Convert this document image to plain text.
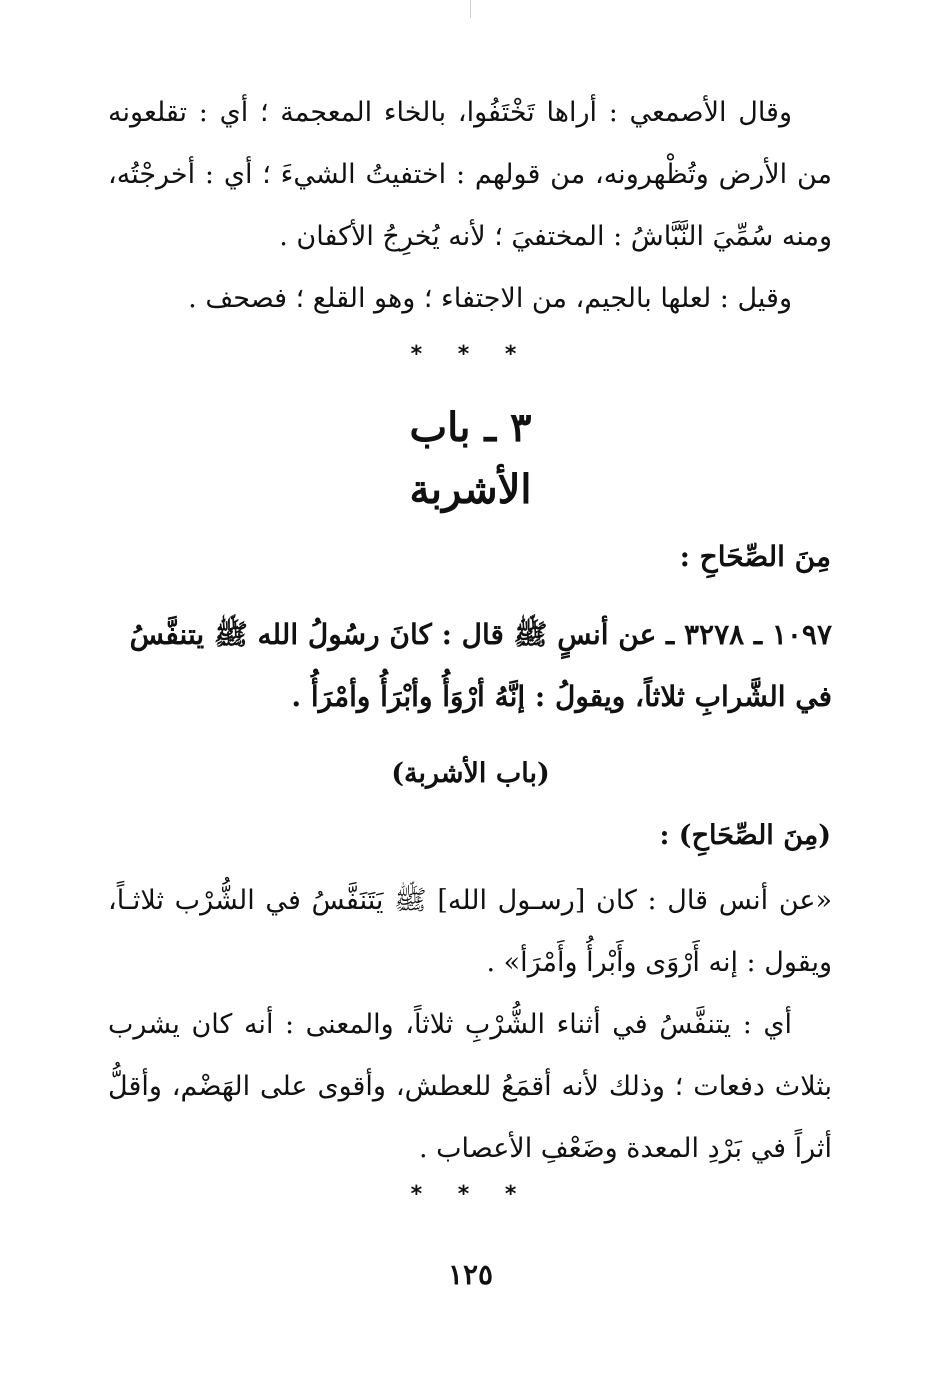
وقال الأصمعي : أراها تَخْتَفُوا، بالخاء المعجمة ؛ أي : تقلعونه من الأرض وتُظْهرونه، من قولهم : اختفيتُ الشيءَ ؛ أي : أخرجْتُه، ومنه سُمِّيَ النَّبَّاشُ : المختفيَ ؛ لأنه يُخرِجُ الأكفان .

وقيل : لعلها بالجيم، من الاجتفاء ؛ وهو القلع ؛ فصحف .

* * *
٣ ـ باب
الأشربة
مِنَ الصِّحَاحِ :
١٠٩٧ ـ ٣٢٧٨ ـ عن أنسٍ ﷺ قال : كانَ رسُولُ الله ﷺ يتنفَّسُ
في الشَّرابِ ثلاثاً، ويقولُ : إنَّهُ أرْوَأُ وأبْرَأُ وأمْرَأُ .
(باب الأشربة)
(مِنَ الصِّحَاحِ) :

«عن أنس قال : كان [رسـول الله] ﷺ يَتَنَفَّسُ في الشُّرْب ثلاثـاً، ويقول : إنه أَرْوَى وأَبْرأُ وأَمْرَأ» .

أي : يتنفَّسُ في أثناء الشُّرْبِ ثلاثاً، والمعنى : أنه كان يشرب بثلاث دفعات ؛ وذلك لأنه أقمَعُ للعطش، وأقوى على الهَضْم، وأقلُّ أثراً في بَرْدِ المعدة وضَعْفِ الأعصاب .

* * *
١٢٥
